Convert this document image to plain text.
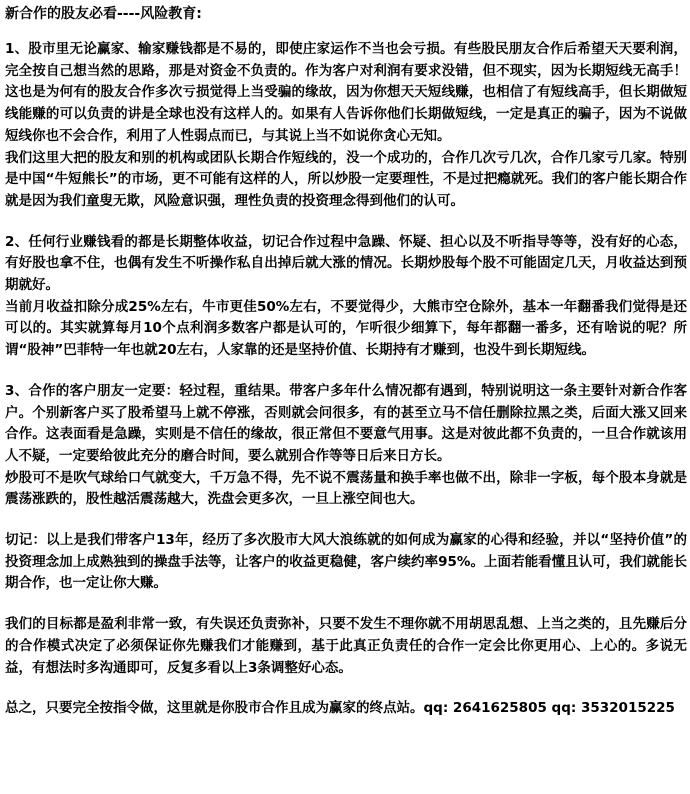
新合作的股友必看----风险教育:

1、股市里无论赢家、输家赚钱都是不易的，即使庄家运作不当也会亏损。有些股民朋友合作后希望天天要利润，完全按自己想当然的思路，那是对资金不负责的。作为客户对利润有要求没错，但不现实，因为长期短线无高手！这也是为何有的股友合作多次亏损觉得上当受骗的缘故，因为你想天天短线赚，也相信了有短线高手，但长期做短线能赚的可以负责的讲是全球也没有这样人的。如果有人告诉你他们长期做短线，一定是真正的骗子，因为不说做短线你也不会合作，利用了人性弱点而已，与其说上当不如说你贪心无知。

我们这里大把的股友和别的机构或团队长期合作短线的，没一个成功的，合作几次亏几次，合作几家亏几家。特别是中国“牛短熊长”的市场，更不可能有这样的人，所以炒股一定要理性，不是过把瘾就死。我们的客户能长期合作就是因为我们童叟无欺，风险意识强，理性负责的投资理念得到他们的认可。

2、任何行业赚钱看的都是长期整体收益，切记合作过程中急躁、怀疑、担心以及不听指导等等，没有好的心态，有好股也拿不住，也偶有发生不听操作私自出掉后就大涨的情况。长期炒股每个股不可能固定几天，月收益达到预期就好。

当前月收益扣除分成25%左右，牛市更佳50%左右，不要觉得少，大熊市空仓除外，基本一年翻番我们觉得是还可以的。其实就算每月10个点利润多数客户都是认可的，乍听很少细算下，每年都翻一番多，还有啥说的呢？所谓“股神”巴菲特一年也就20左右，人家靠的还是坚持价值、长期持有才赚到，也没牛到长期短线。

3、合作的客户朋友一定要：轻过程，重结果。带客户多年什么情况都有遇到，特别说明这一条主要针对新合作客户。个别新客户买了股希望马上就不停涨，否则就会问很多，有的甚至立马不信任删除拉黑之类，后面大涨又回来合作。这表面看是急躁，实则是不信任的缘故，很正常但不要意气用事。这是对彼此都不负责的，一旦合作就该用人不疑，一定要给彼此充分的磨合时间，要么就别合作等等日后来日方长。

炒股可不是吹气球给口气就变大，千万急不得，先不说不震荡量和换手率也做不出，除非一字板，每个股本身就是震荡涨跌的，股性越活震荡越大，洗盘会更多次，一旦上涨空间也大。

切记：以上是我们带客户13年，经历了多次股市大风大浪练就的如何成为赢家的心得和经验，并以“坚持价值”的投资理念加上成熟独到的操盘手法等，让客户的收益更稳健，客户续约率95%。上面若能看懂且认可，我们就能长期合作，也一定让你大赚。

我们的目标都是盈利非常一致，有失误还负责弥补，只要不发生不理你就不用胡思乱想、上当之类的，且先赚后分的合作模式决定了必须保证你先赚我们才能赚到，基于此真正负责任的合作一定会比你更用心、上心的。多说无益，有想法时多沟通即可，反复多看以上3条调整好心态。

总之，只要完全按指令做，这里就是你股市合作且成为赢家的终点站。qq: 2641625805 qq: 3532015225
